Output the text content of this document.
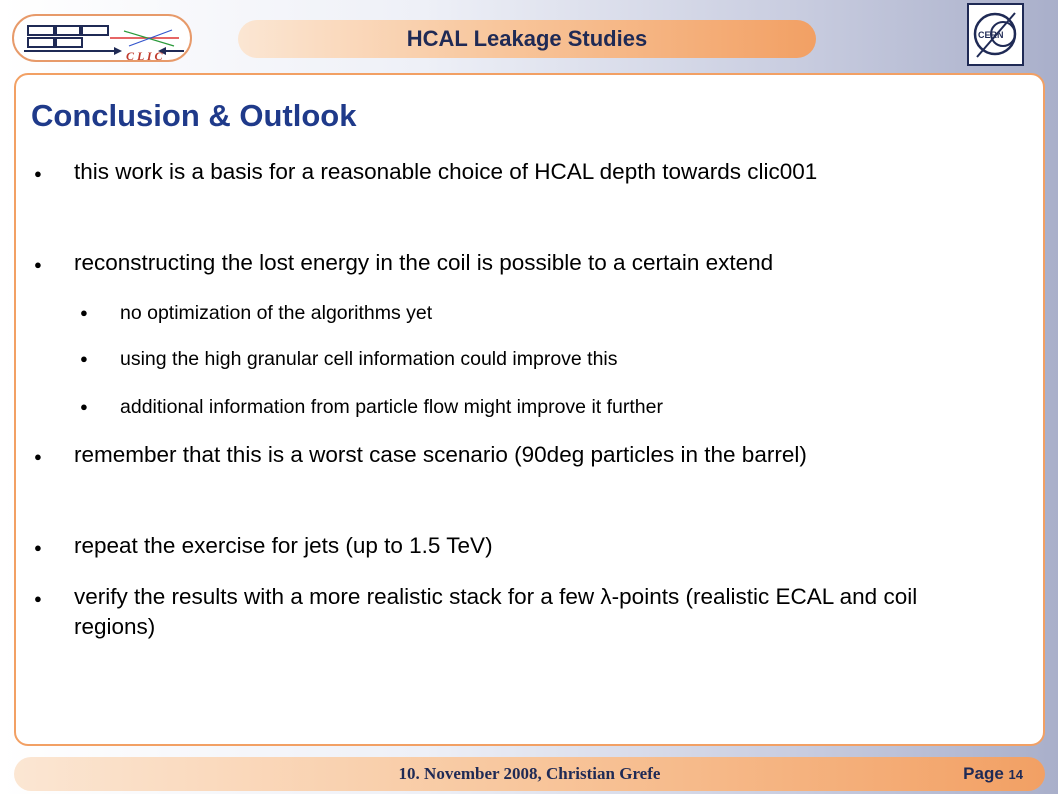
C L I C
HCAL Leakage Studies	CERN
Conclusion & Outlook
● this work is a basis for a reasonable choice of HCAL depth towards clic001
● reconstructing the lost energy in the coil is possible to a certain extend
● no optimization of the algorithms yet
● using the high granular cell information could improve this
● additional information from particle flow might improve it further
● remember that this is a worst case scenario (90deg particles in the barrel)
● repeat the exercise for jets (up to 1.5 TeV)
● verify the results with a more realistic stack for a few λ-points (realistic ECAL and coil regions)
10. November 2008, Christian Grefe	Page 14
